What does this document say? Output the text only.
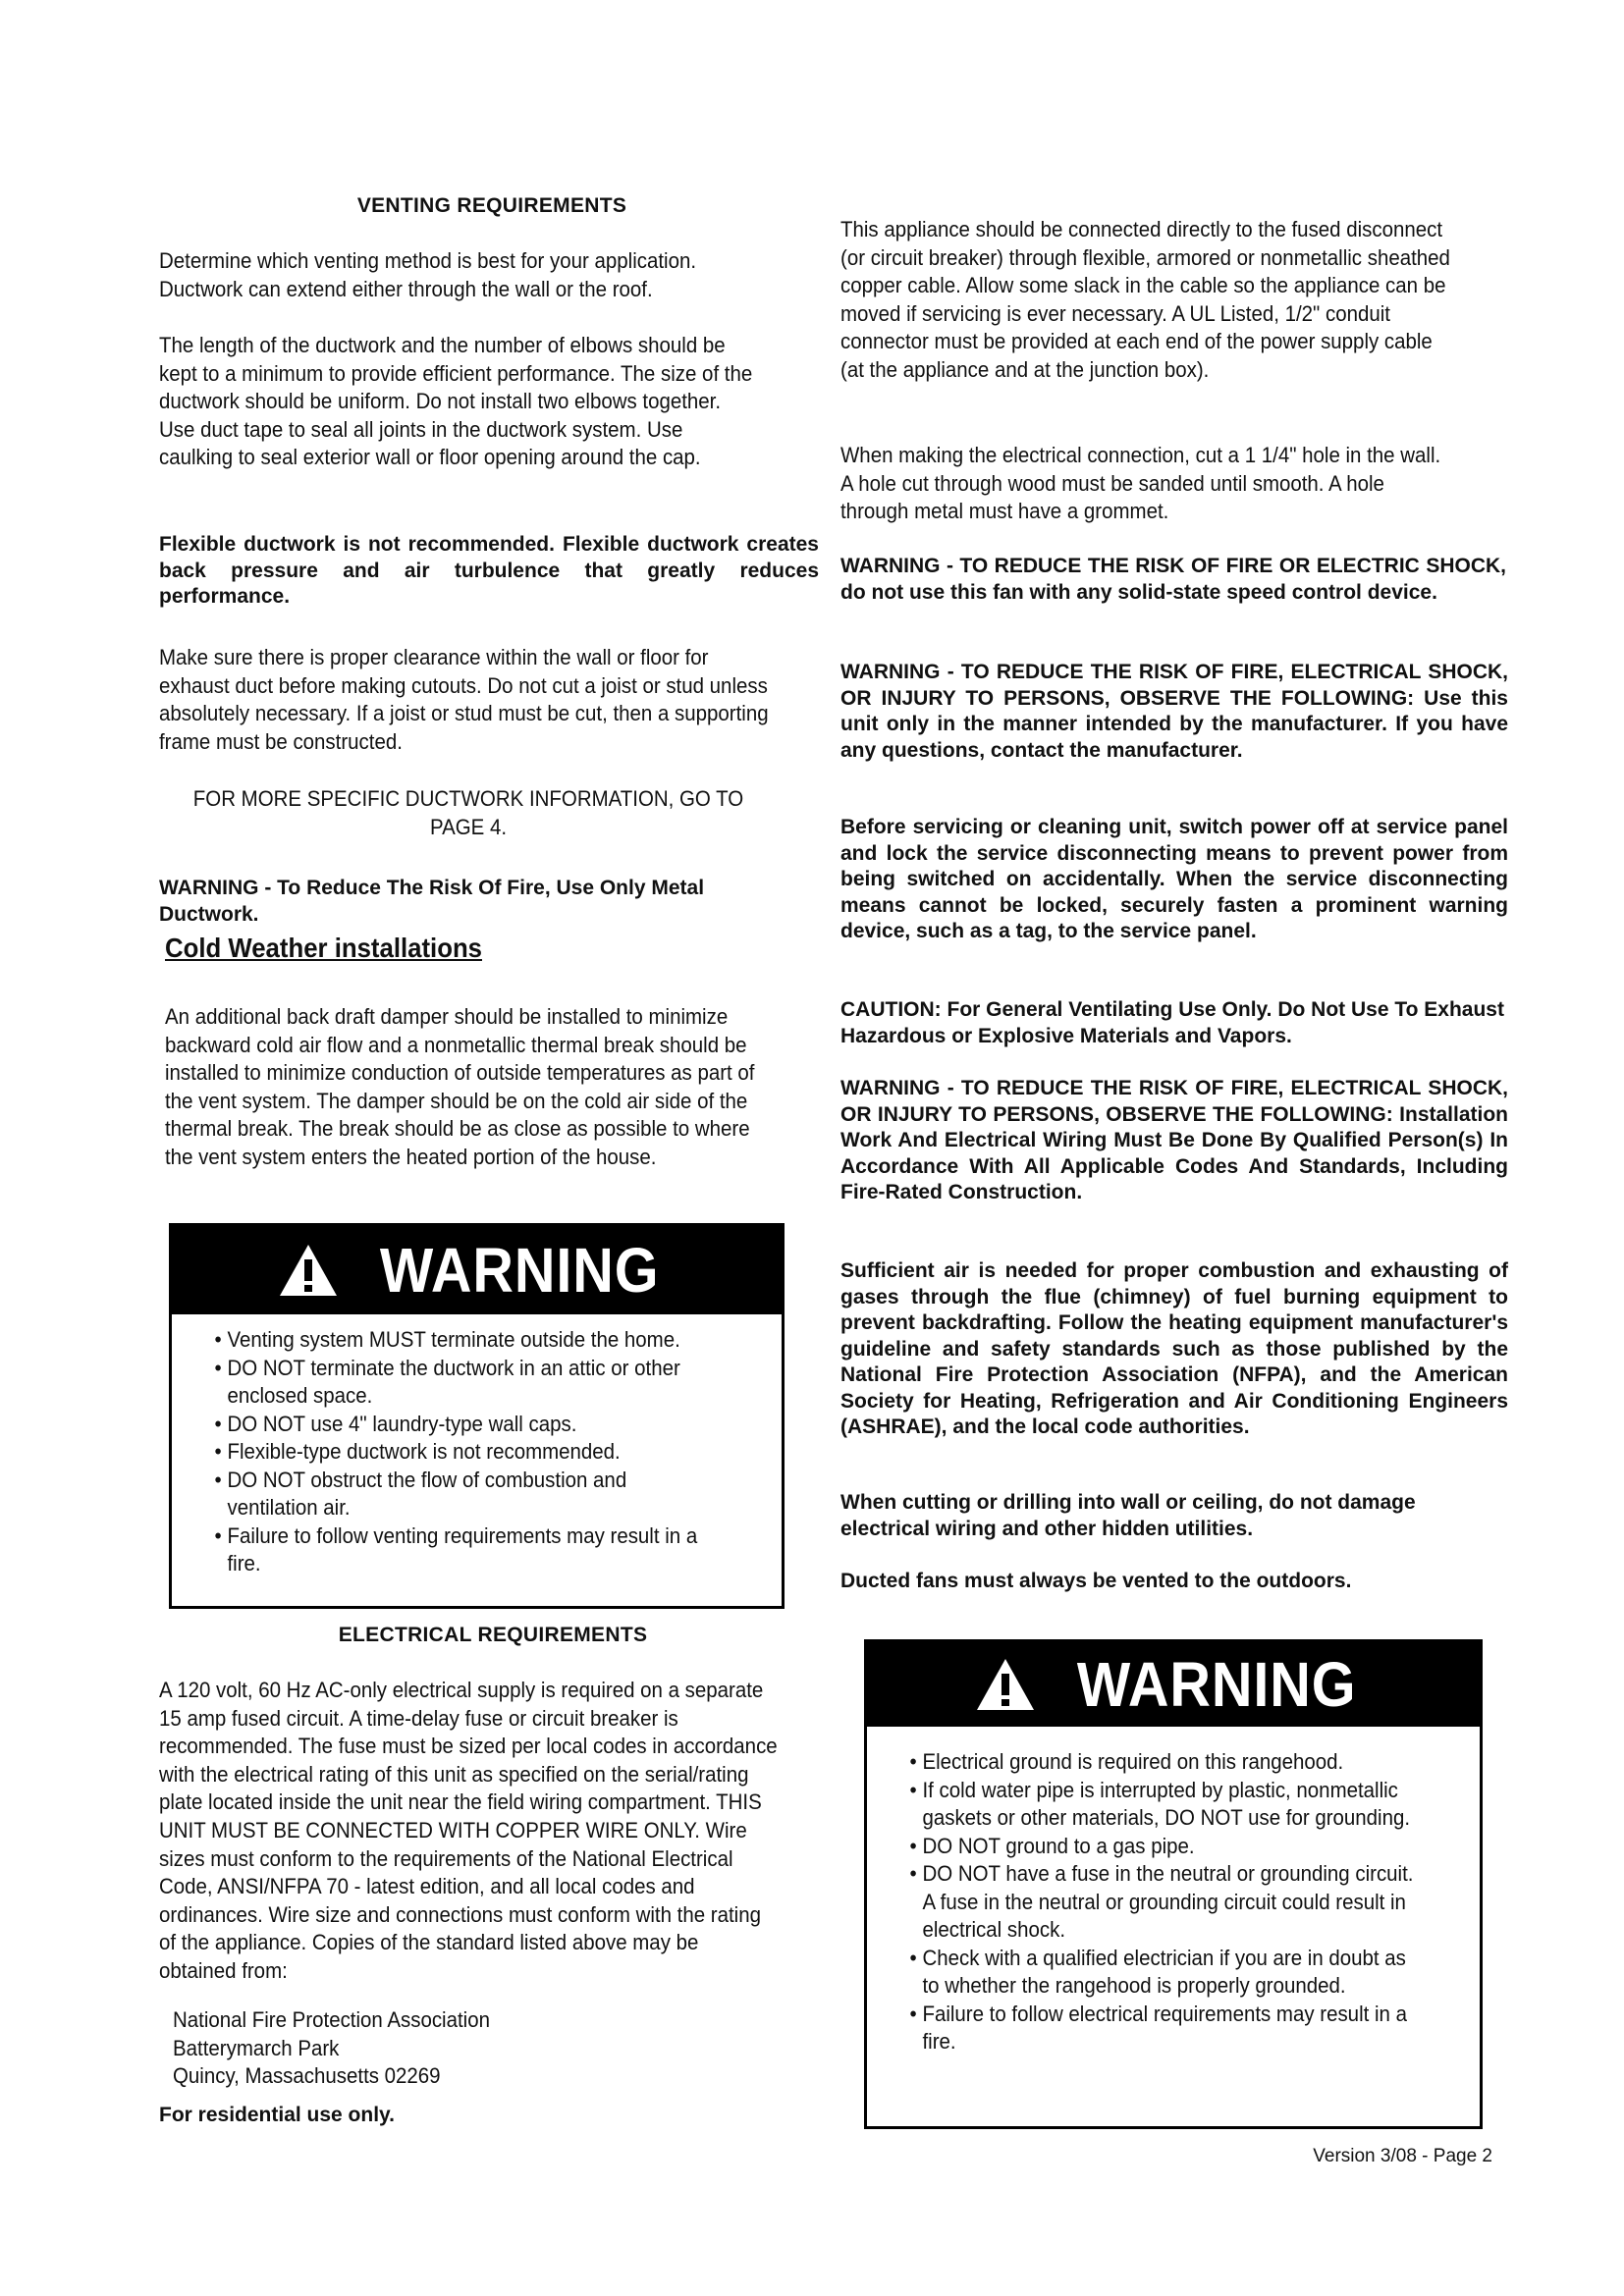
VENTING REQUIREMENTS

Determine which venting method is best for your application. Ductwork can extend either through the wall or the roof.

The length of the ductwork and the number of elbows should be kept to a minimum to provide efficient performance. The size of the ductwork should be uniform. Do not install two elbows together. Use duct tape to seal all joints in the ductwork system. Use caulking to seal exterior wall or floor opening around the cap.

Flexible ductwork is not recommended. Flexible ductwork creates back pressure and air turbulence that greatly reduces performance.

Make sure there is proper clearance within the wall or floor for exhaust duct before making cutouts. Do not cut a joist or stud unless absolutely necessary. If a joist or stud must be cut, then a supporting frame must be constructed.

FOR MORE SPECIFIC DUCTWORK INFORMATION, GO TO PAGE 4.

WARNING - To Reduce The Risk Of Fire, Use Only Metal Ductwork.

Cold Weather installations

An additional back draft damper should be installed to minimize backward cold air flow and a nonmetallic thermal break should be installed to minimize conduction of outside temperatures as part of the vent system. The damper should be on the cold air side of the thermal break. The break should be as close as possible to where the vent system enters the heated portion of the house.

WARNING
• Venting system MUST terminate outside the home.
• DO NOT terminate the ductwork in an attic or other enclosed space.
• DO NOT use 4" laundry-type wall caps.
• Flexible-type ductwork is not recommended.
• DO NOT obstruct the flow of combustion and ventilation air.
• Failure to follow venting requirements may result in a fire.
ELECTRICAL REQUIREMENTS

A 120 volt, 60 Hz AC-only electrical supply is required on a separate 15 amp fused circuit. A time-delay fuse or circuit breaker is recommended. The fuse must be sized per local codes in accordance with the electrical rating of this unit as specified on the serial/rating plate located inside the unit near the field wiring compartment. THIS UNIT MUST BE CONNECTED WITH COPPER WIRE ONLY. Wire sizes must conform to the requirements of the National Electrical Code, ANSI/NFPA 70 - latest edition, and all local codes and ordinances. Wire size and connections must conform with the rating of the appliance. Copies of the standard listed above may be obtained from:

National Fire Protection Association
Batterymarch Park
Quincy, Massachusetts 02269

For residential use only.

This appliance should be connected directly to the fused disconnect (or circuit breaker) through flexible, armored or nonmetallic sheathed copper cable. Allow some slack in the cable so the appliance can be moved if servicing is ever necessary. A UL Listed, 1/2" conduit connector must be provided at each end of the power supply cable (at the appliance and at the junction box).

When making the electrical connection, cut a 1 1/4" hole in the wall. A hole cut through wood must be sanded until smooth. A hole through metal must have a grommet.

WARNING - TO REDUCE THE RISK OF FIRE OR ELECTRIC SHOCK, do not use this fan with any solid-state speed control device.

WARNING - TO REDUCE THE RISK OF FIRE, ELECTRICAL SHOCK, OR INJURY TO PERSONS, OBSERVE THE FOLLOWING: Use this unit only in the manner intended by the manufacturer. If you have any questions, contact the manufacturer.

Before servicing or cleaning unit, switch power off at service panel and lock the service disconnecting means to prevent power from being switched on accidentally. When the service disconnecting means cannot be locked, securely fasten a prominent warning device, such as a tag, to the service panel.

CAUTION: For General Ventilating Use Only. Do Not Use To Exhaust Hazardous or Explosive Materials and Vapors.

WARNING - TO REDUCE THE RISK OF FIRE, ELECTRICAL SHOCK, OR INJURY TO PERSONS, OBSERVE THE FOLLOWING: Installation Work And Electrical Wiring Must Be Done By Qualified Person(s) In Accordance With All Applicable Codes And Standards, Including Fire-Rated Construction.

Sufficient air is needed for proper combustion and exhausting of gases through the flue (chimney) of fuel burning equipment to prevent backdrafting. Follow the heating equipment manufacturer's guideline and safety standards such as those published by the National Fire Protection Association (NFPA), and the American Society for Heating, Refrigeration and Air Conditioning Engineers (ASHRAE), and the local code authorities.

When cutting or drilling into wall or ceiling, do not damage electrical wiring and other hidden utilities.

Ducted fans must always be vented to the outdoors.

WARNING
• Electrical ground is required on this rangehood.
• If cold water pipe is interrupted by plastic, nonmetallic gaskets or other materials, DO NOT use for grounding.
• DO NOT ground to a gas pipe.
• DO NOT have a fuse in the neutral or grounding circuit. A fuse in the neutral or grounding circuit could result in electrical shock.
• Check with a qualified electrician if you are in doubt as to whether the rangehood is properly grounded.
• Failure to follow electrical requirements may result in a fire.
Version 3/08 - Page 2
